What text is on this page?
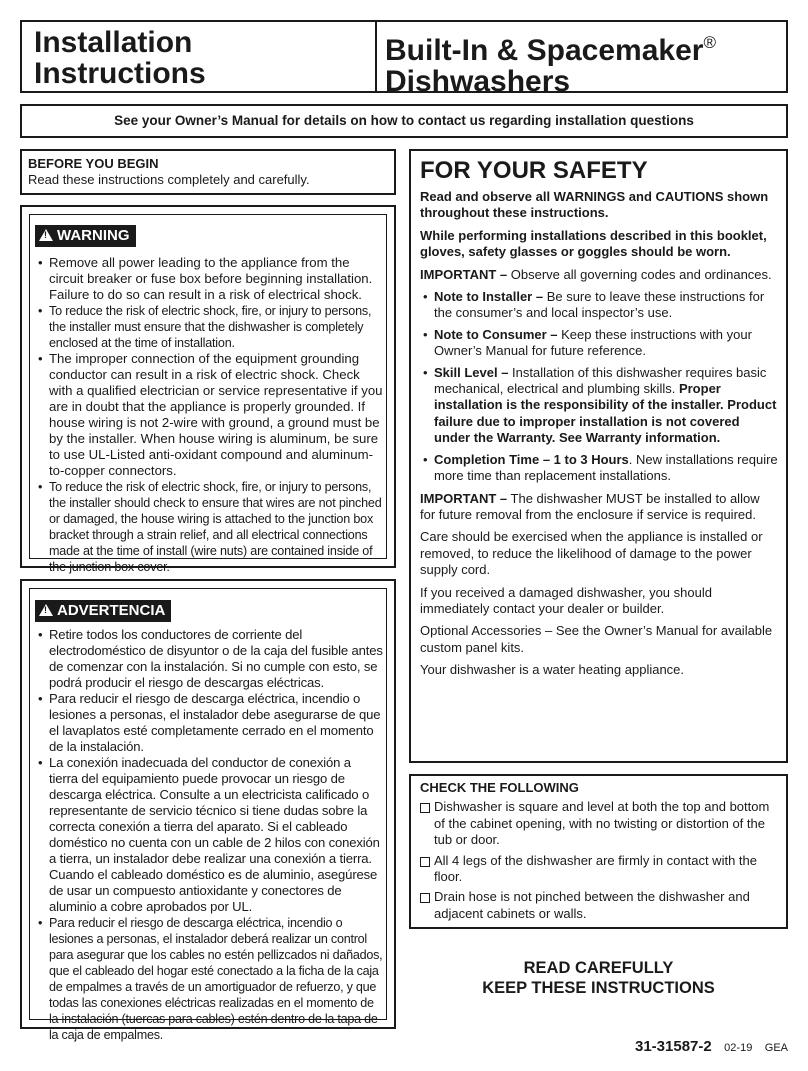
Installation
Instructions
Built-In & Spacemaker®
Dishwashers
See your Owner’s Manual for details on how to contact us regarding installation questions
BEFORE YOU BEGIN
Read these instructions completely and carefully.
! WARNING
• Remove all power leading to the appliance from the circuit breaker or fuse box before beginning installation. Failure to do so can result in a risk of electrical shock.
• To reduce the risk of electric shock, fire, or injury to persons, the installer must ensure that the dishwasher is completely enclosed at the time of installation.
• The improper connection of the equipment grounding conductor can result in a risk of electric shock. Check with a qualified electrician or service representative if you are in doubt that the appliance is properly grounded. If house wiring is not 2-wire with ground, a ground must be by the installer. When house wiring is aluminum, be sure to use UL-Listed anti-oxidant compound and aluminum-to-copper connectors.
• To reduce the risk of electric shock, fire, or injury to persons, the installer should check to ensure that wires are not pinched or damaged, the house wiring is attached to the junction box bracket through a strain relief, and all electrical connections made at the time of install (wire nuts) are contained inside of the junction box cover.
! ADVERTENCIA
• Retire todos los conductores de corriente del electrodoméstico de disyuntor o de la caja del fusible antes de comenzar con la instalación. Si no cumple con esto, se podrá producir el riesgo de descargas eléctricas.
• Para reducir el riesgo de descarga eléctrica, incendio o lesiones a personas, el instalador debe asegurarse de que el lavaplatos esté completamente cerrado en el momento de la instalación.
• La conexión inadecuada del conductor de conexión a tierra del equipamiento puede provocar un riesgo de descarga eléctrica. Consulte a un electricista calificado o representante de servicio técnico si tiene dudas sobre la correcta conexión a tierra del aparato. Si el cableado doméstico no cuenta con un cable de 2 hilos con conexión a tierra, un instalador debe realizar una conexión a tierra. Cuando el cableado doméstico es de aluminio, asegúrese de usar un compuesto antioxidante y conectores de aluminio a cobre aprobados por UL.
• Para reducir el riesgo de descarga eléctrica, incendio o lesiones a personas, el instalador deberá realizar un control para asegurar que los cables no estén pellizcados ni dañados, que el cableado del hogar esté conectado a la ficha de la caja de empalmes a través de un amortiguador de refuerzo, y que todas las conexiones eléctricas realizadas en el momento de la instalación (tuercas para cables) estén dentro de la tapa de la caja de empalmes.
FOR YOUR SAFETY

Read and observe all WARNINGS and CAUTIONS shown throughout these instructions.

While performing installations described in this booklet, gloves, safety glasses or goggles should be worn.

IMPORTANT – Observe all governing codes and ordinances.

• Note to Installer – Be sure to leave these instructions for the consumer’s and local inspector’s use.
• Note to Consumer – Keep these instructions with your Owner’s Manual for future reference.
• Skill Level – Installation of this dishwasher requires basic mechanical, electrical and plumbing skills. Proper installation is the responsibility of the installer. Product failure due to improper installation is not covered under the Warranty. See Warranty information.
• Completion Time – 1 to 3 Hours. New installations require more time than replacement installations.

IMPORTANT – The dishwasher MUST be installed to allow for future removal from the enclosure if service is required.

Care should be exercised when the appliance is installed or removed, to reduce the likelihood of damage to the power supply cord.

If you received a damaged dishwasher, you should immediately contact your dealer or builder.

Optional Accessories – See the Owner’s Manual for available custom panel kits.

Your dishwasher is a water heating appliance.

CHECK THE FOLLOWING
Dishwasher is square and level at both the top and bottom of the cabinet opening, with no twisting or distortion of the tub or door.
All 4 legs of the dishwasher are firmly in contact with the floor.
Drain hose is not pinched between the dishwasher and adjacent cabinets or walls.
READ CAREFULLY
KEEP THESE INSTRUCTIONS
31-31587-2 02-19 GEA
